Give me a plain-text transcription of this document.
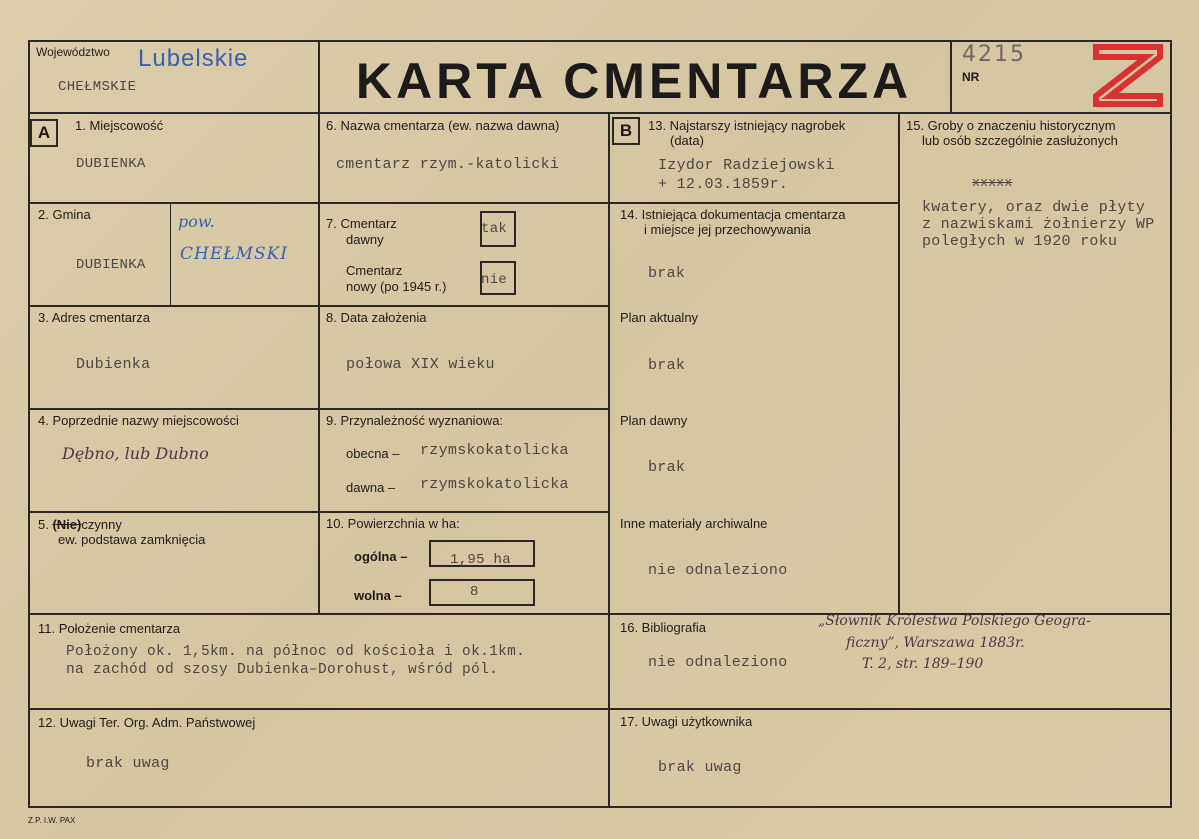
Województwo Lubelskie
CHEŁMSKIE	KARTA CMENTARZA	NR
4215
A	B
1. Miejscowość
DUBIENKA
2. Gmina
DUBIENKA
pow.
CHEŁMSKI
3. Adres cmentarza
Dubienka
4. Poprzednie nazwy miejscowości
Dębno, lub Dubno
5. (Nie)czynny
ew. podstawa zamknięcia
6. Nazwa cmentarza (ew. nazwa dawna)
cmentarz rzym.-katolicki
7. Cmentarz
dawny
tak
Cmentarz
nowy (po 1945 r.) nie
8. Data założenia
połowa XIX wieku
9. Przynależność wyznaniowa:
obecna – rzymskokatolicka
dawna – rzymskokatolicka
10. Powierzchnia w ha:
ogólna –	1,95 ha
wolna –	8
13. Najstarszy istniejący nagrobek
(data)
Izydor Radziejowski
+ 12.03.1859r.
14. Istniejąca dokumentacja cmentarza
i miejsce jej przechowywania
brak
Plan aktualny
brak
Plan dawny
brak
Inne materiały archiwalne
nie odnaleziono
15. Groby o znaczeniu historycznym
lub osób szczególnie zasłużonych
xxxxx
kwatery, oraz dwie płyty
z nazwiskami żołnierzy WP
poległych w 1920 roku
11. Położenie cmentarza
Położony ok. 1,5km. na północ od kościoła i ok.1km.
na zachód od szosy Dubienka–Dorohust, wśród pól.
16. Bibliografia
nie odnaleziono
„Słownik Królestwa Polskiego Geogra-
ficzny”, Warszawa 1883r.
T. 2, str. 189–190
12. Uwagi Ter. Org. Adm. Państwowej
brak uwag
17. Uwagi użytkownika
brak uwag
Z.P. I.W. PAX
